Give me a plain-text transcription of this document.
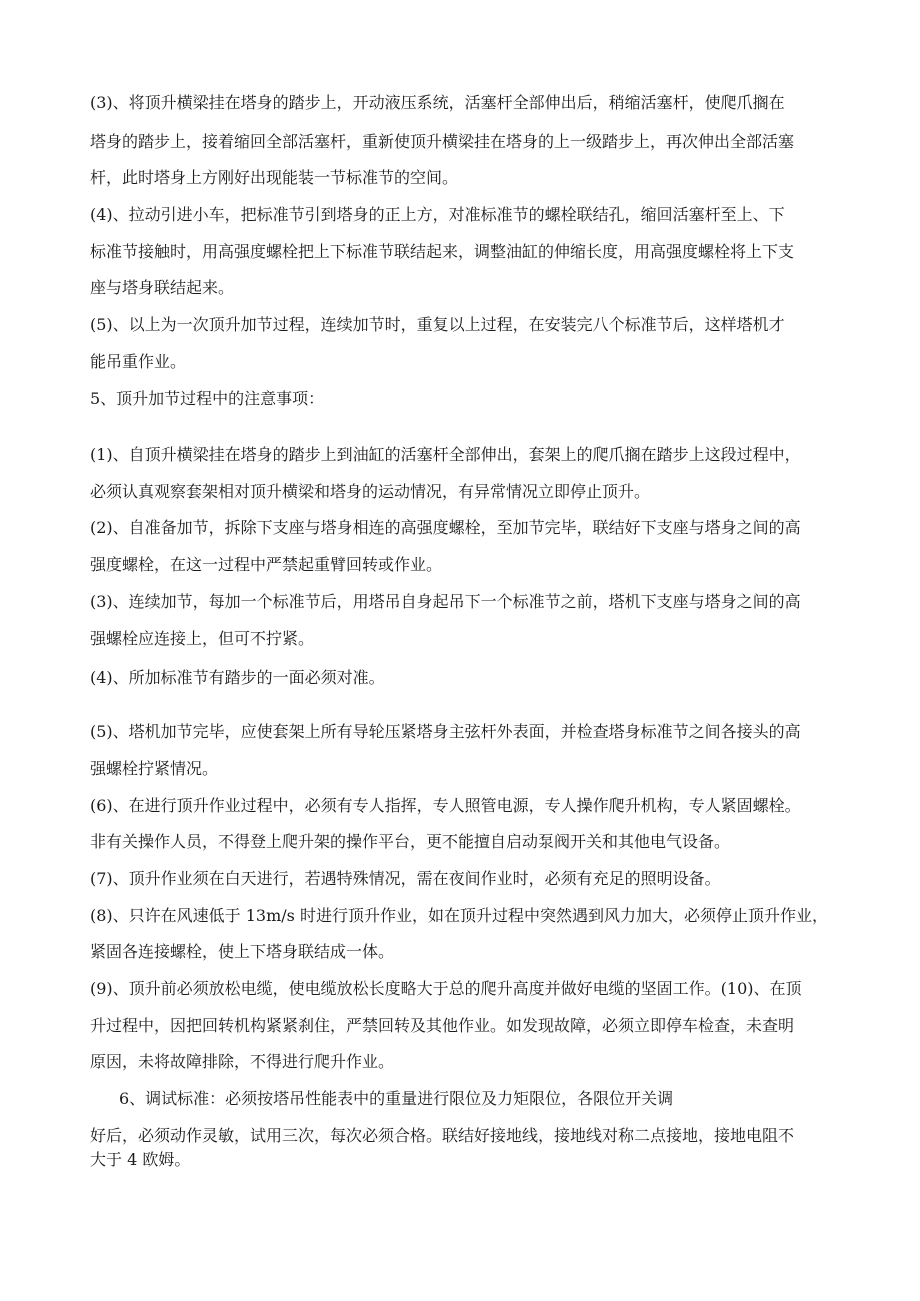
(3)、将顶升横梁挂在塔身的踏步上，开动液压系统，活塞杆全部伸出后，稍缩活塞杆，使爬爪搁在
塔身的踏步上，接着缩回全部活塞杆，重新使顶升横梁挂在塔身的上一级踏步上，再次伸出全部活塞
杆，此时塔身上方刚好出现能装一节标准节的空间。
(4)、拉动引进小车，把标准节引到塔身的正上方，对准标准节的螺栓联结孔，缩回活塞杆至上、下
标准节接触时，用高强度螺栓把上下标准节联结起来，调整油缸的伸缩长度，用高强度螺栓将上下支
座与塔身联结起来。
(5)、以上为一次顶升加节过程，连续加节时，重复以上过程，在安装完八个标准节后，这样塔机才
能吊重作业。
5、顶升加节过程中的注意事项：
(1)、自顶升横梁挂在塔身的踏步上到油缸的活塞杆全部伸出，套架上的爬爪搁在踏步上这段过程中，
必须认真观察套架相对顶升横梁和塔身的运动情况，有异常情况立即停止顶升。
(2)、自准备加节，拆除下支座与塔身相连的高强度螺栓，至加节完毕，联结好下支座与塔身之间的高
强度螺栓，在这一过程中严禁起重臂回转或作业。
(3)、连续加节，每加一个标准节后，用塔吊自身起吊下一个标准节之前，塔机下支座与塔身之间的高
强螺栓应连接上，但可不拧紧。
(4)、所加标准节有踏步的一面必须对准。
(5)、塔机加节完毕，应使套架上所有导轮压紧塔身主弦杆外表面，并检查塔身标准节之间各接头的高
强螺栓拧紧情况。
(6)、在进行顶升作业过程中，必须有专人指挥，专人照管电源，专人操作爬升机构，专人紧固螺栓。
非有关操作人员，不得登上爬升架的操作平台，更不能擅自启动泵阀开关和其他电气设备。
(7)、顶升作业须在白天进行，若遇特殊情况，需在夜间作业时，必须有充足的照明设备。
(8)、只许在风速低于 13m/s 时进行顶升作业，如在顶升过程中突然遇到风力加大，必须停止顶升作业，
紧固各连接螺栓，使上下塔身联结成一体。
(9)、顶升前必须放松电缆，使电缆放松长度略大于总的爬升高度并做好电缆的坚固工作。(10)、在顶
升过程中，因把回转机构紧紧刹住，严禁回转及其他作业。如发现故障，必须立即停车检查，未查明
原因，未将故障排除，不得进行爬升作业。
6、调试标准：必须按塔吊性能表中的重量进行限位及力矩限位，各限位开关调
好后，必须动作灵敏，试用三次，每次必须合格。联结好接地线，接地线对称二点接地，接地电阻不
大于 4 欧姆。
